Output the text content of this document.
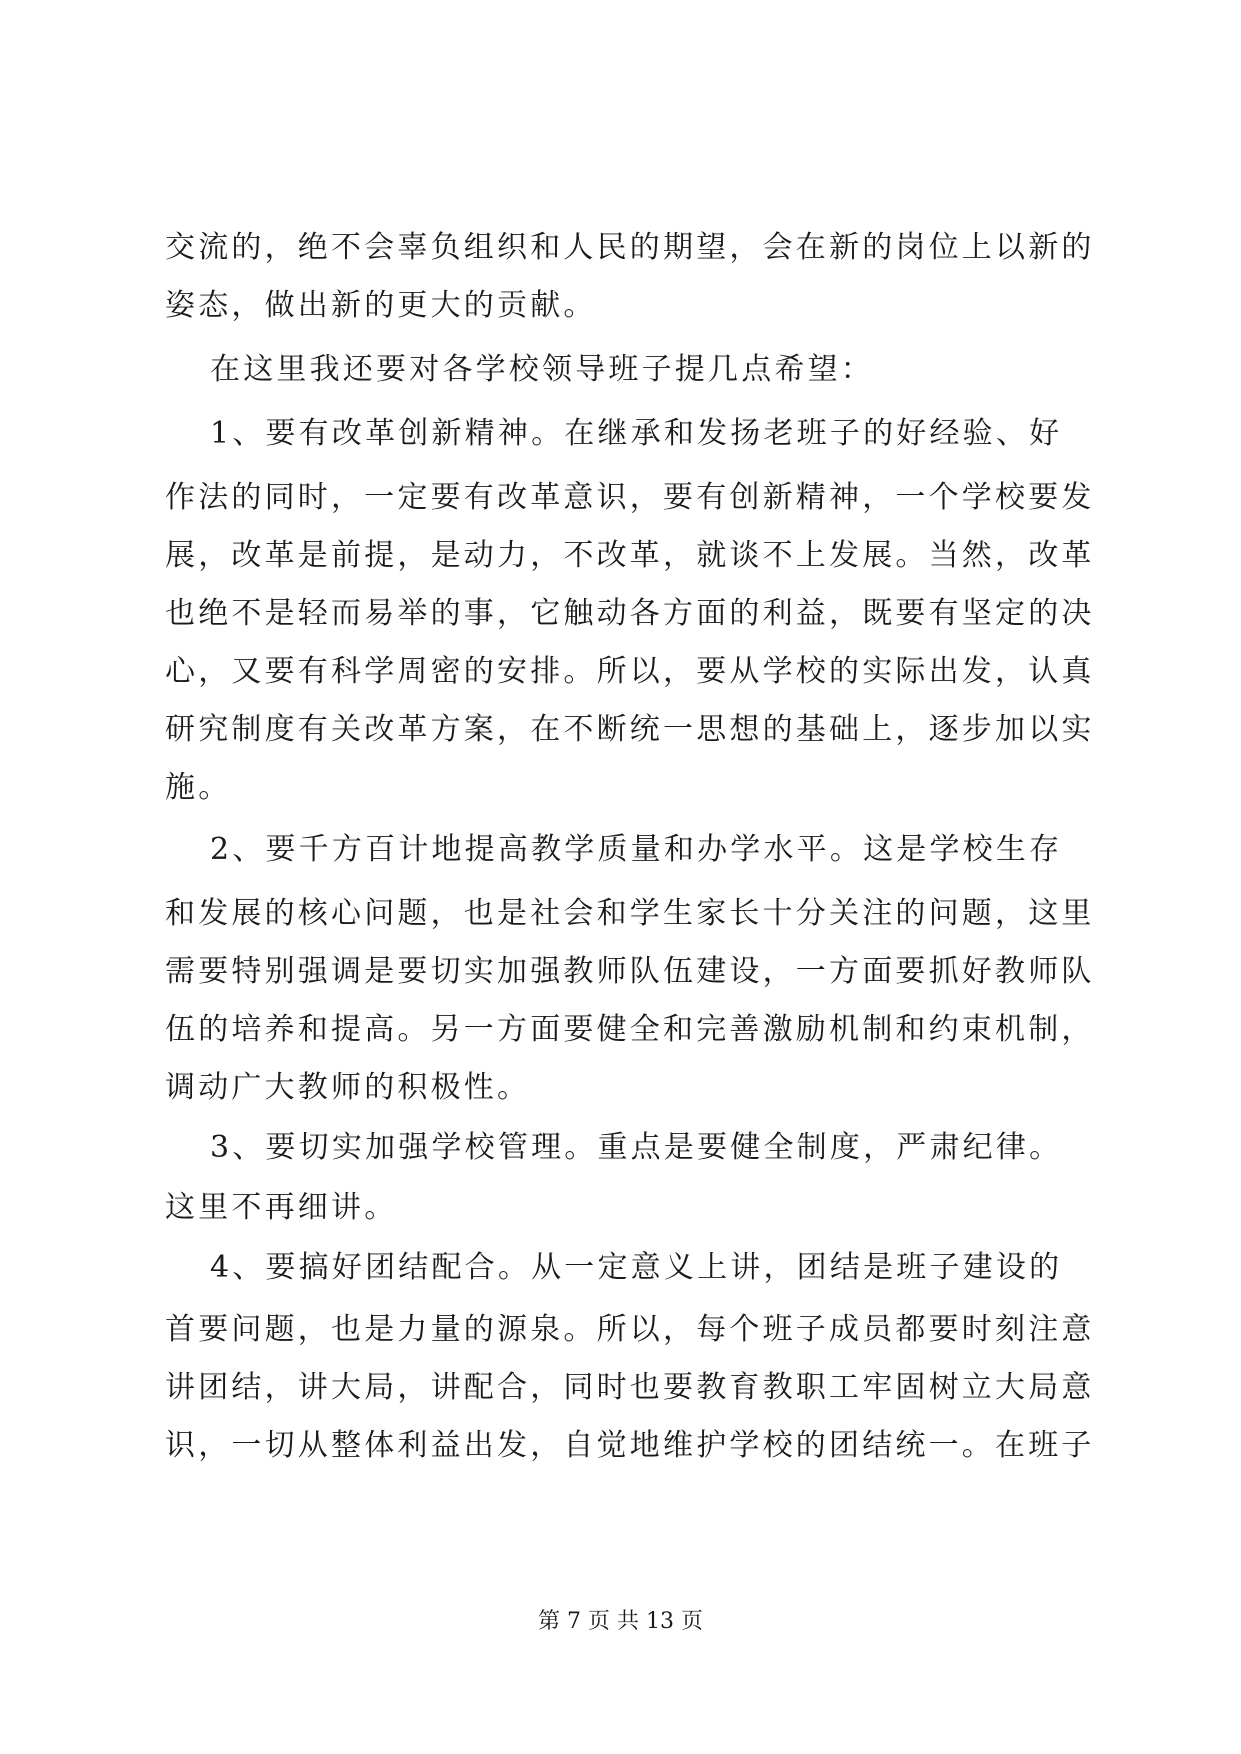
交流的，绝不会辜负组织和人民的期望，会在新的岗位上以新的
姿态，做出新的更大的贡献。
在这里我还要对各学校领导班子提几点希望：
1、要有改革创新精神。在继承和发扬老班子的好经验、好
作法的同时，一定要有改革意识，要有创新精神，一个学校要发
展，改革是前提，是动力，不改革，就谈不上发展。当然，改革
也绝不是轻而易举的事，它触动各方面的利益，既要有坚定的决
心，又要有科学周密的安排。所以，要从学校的实际出发，认真
研究制度有关改革方案，在不断统一思想的基础上，逐步加以实
施。
2、要千方百计地提高教学质量和办学水平。这是学校生存
和发展的核心问题，也是社会和学生家长十分关注的问题，这里
需要特别强调是要切实加强教师队伍建设，一方面要抓好教师队
伍的培养和提高。另一方面要健全和完善激励机制和约束机制，
调动广大教师的积极性。
3、要切实加强学校管理。重点是要健全制度，严肃纪律。
这里不再细讲。
4、要搞好团结配合。从一定意义上讲，团结是班子建设的
首要问题，也是力量的源泉。所以，每个班子成员都要时刻注意
讲团结，讲大局，讲配合，同时也要教育教职工牢固树立大局意
识，一切从整体利益出发，自觉地维护学校的团结统一。在班子
第 7 页 共 13 页
